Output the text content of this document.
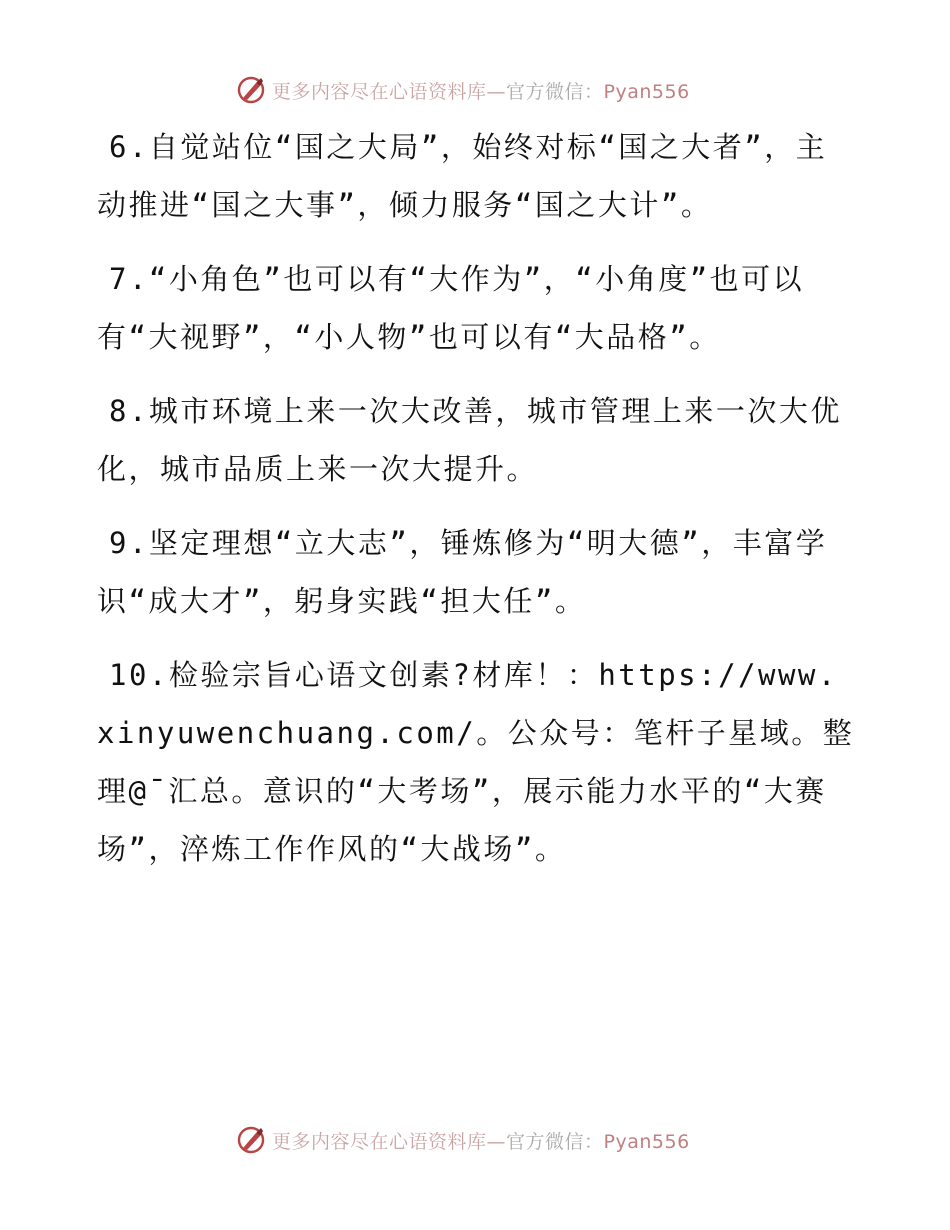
更多内容尽在心语资料库—官方微信：Pyan556

6.自觉站位“国之大局”，始终对标“国之大者”，主动推进“国之大事”，倾力服务“国之大计”。

7.“小角色”也可以有“大作为”，“小角度”也可以有“大视野”，“小人物”也可以有“大品格”。

8.城市环境上来一次大改善，城市管理上来一次大优化，城市品质上来一次大提升。

9.坚定理想“立大志”，锤炼修为“明大德”，丰富学识“成大才”，躬身实践“担大任”。

10.检验宗旨心语文创素?材库！：https://www.xinyuwenchuang.com/。公众号：笔杆子星域。整理@¯汇总。意识的“大考场”，展示能力水平的“大赛场”，淬炼工作作风的“大战场”。

更多内容尽在心语资料库—官方微信：Pyan556
